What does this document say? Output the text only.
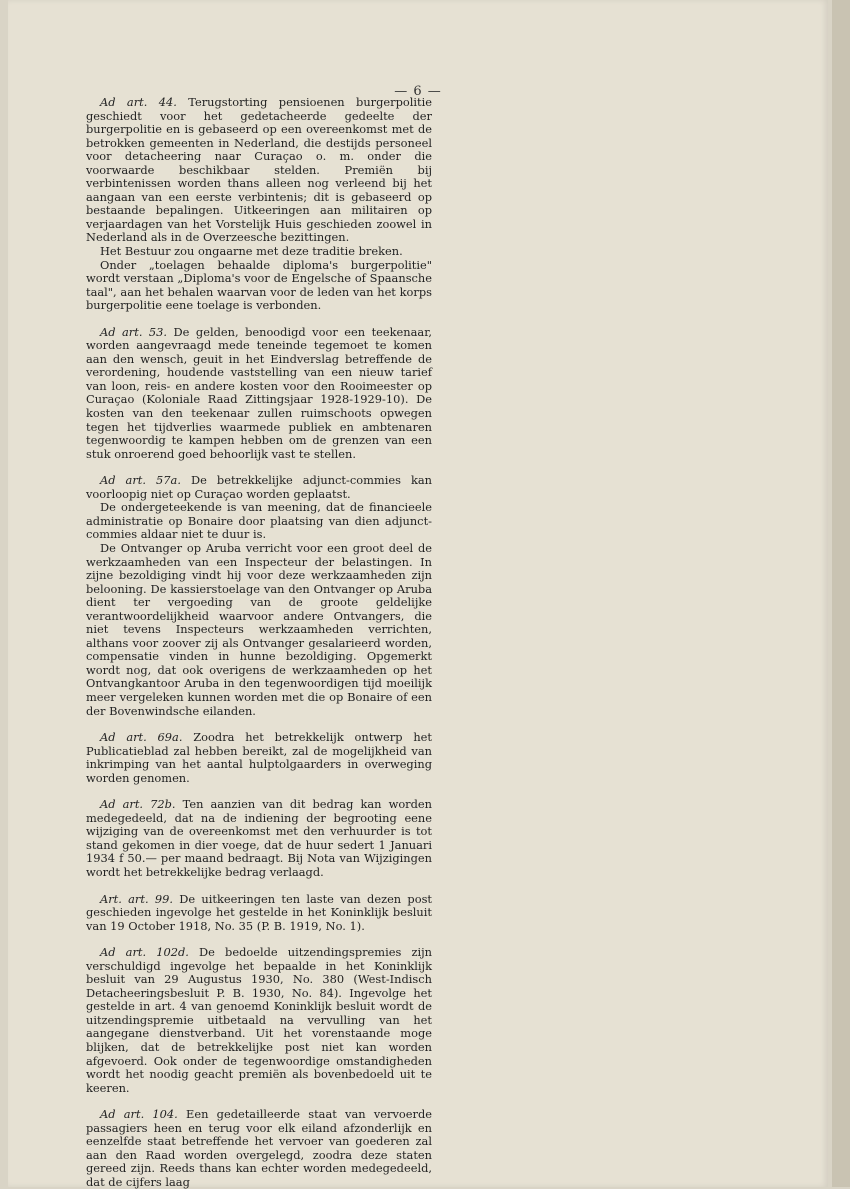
— 6 —

Ad art. 44. Terugstorting pensioenen burgerpolitie geschiedt voor het gedetacheerde gedeelte der burgerpolitie en is gebaseerd op een overeenkomst met de betrokken gemeenten in Nederland, die destijds personeel voor detacheering naar Curaçao o. m. onder die voorwaarde beschikbaar stelden. Premiën bij verbintenissen worden thans alleen nog verleend bij het aangaan van een eerste verbintenis; dit is gebaseerd op bestaande bepalingen. Uitkeeringen aan militairen op verjaardagen van het Vorstelijk Huis geschieden zoowel in Nederland als in de Overzeesche bezittingen.

Het Bestuur zou ongaarne met deze traditie breken.

Onder „toelagen behaalde diploma's burgerpolitie" wordt verstaan „Diploma's voor de Engelsche of Spaansche taal", aan het behalen waarvan voor de leden van het korps burgerpolitie eene toelage is verbonden.

Ad art. 53. De gelden, benoodigd voor een teekenaar, worden aangevraagd mede teneinde tegemoet te komen aan den wensch, geuit in het Eindverslag betreffende de verordening, houdende vaststelling van een nieuw tarief van loon, reis- en andere kosten voor den Rooimeester op Curaçao (Koloniale Raad Zittingsjaar 1928-1929-10). De kosten van den teekenaar zullen ruimschoots opwegen tegen het tijdverlies waarmede publiek en ambtenaren tegenwoordig te kampen hebben om de grenzen van een stuk onroerend goed behoorlijk vast te stellen.

Ad art. 57a. De betrekkelijke adjunct-commies kan voorloopig niet op Curaçao worden geplaatst.

De ondergeteekende is van meening, dat de financieele administratie op Bonaire door plaatsing van dien adjunct-commies aldaar niet te duur is.

De Ontvanger op Aruba verricht voor een groot deel de werkzaamheden van een Inspecteur der belastingen. In zijne bezoldiging vindt hij voor deze werkzaamheden zijn belooning. De kassierstoelage van den Ontvanger op Aruba dient ter vergoeding van de groote geldelijke verantwoordelijkheid waarvoor andere Ontvangers, die niet tevens Inspecteurs werkzaamheden verrichten, althans voor zoover zij als Ontvanger gesalarieerd worden, compensatie vinden in hunne bezoldiging. Opgemerkt wordt nog, dat ook overigens de werkzaamheden op het Ontvangkantoor Aruba in den tegenwoordigen tijd moeilijk meer vergeleken kunnen worden met die op Bonaire of een der Bovenwindsche eilanden.

Ad art. 69a. Zoodra het betrekkelijk ontwerp het Publicatieblad zal hebben bereikt, zal de mogelijkheid van inkrimping van het aantal hulptolgaarders in overweging worden genomen.

Ad art. 72b. Ten aanzien van dit bedrag kan worden medegedeeld, dat na de indiening der begrooting eene wijziging van de overeenkomst met den verhuurder is tot stand gekomen in dier voege, dat de huur sedert 1 Januari 1934 f 50.— per maand bedraagt. Bij Nota van Wijzigingen wordt het betrekkelijke bedrag verlaagd.

Art. art. 99. De uitkeeringen ten laste van dezen post geschieden ingevolge het gestelde in het Koninklijk besluit van 19 October 1918, No. 35 (P. B. 1919, No. 1).

Ad art. 102d. De bedoelde uitzendingspremies zijn verschuldigd ingevolge het bepaalde in het Koninklijk besluit van 29 Augustus 1930, No. 380 (West-Indisch Detacheeringsbesluit P. B. 1930, No. 84). Ingevolge het gestelde in art. 4 van genoemd Koninklijk besluit wordt de uitzendingspremie uitbetaald na vervulling van het aangegane dienstverband. Uit het vorenstaande moge blijken, dat de betrekkelijke post niet kan worden afgevoerd. Ook onder de tegenwoordige omstandigheden wordt het noodig geacht premiën als bovenbedoeld uit te keeren.

Ad art. 104. Een gedetailleerde staat van vervoerde passagiers heen en terug voor elk eiland afzonderlijk en eenzelfde staat betreffende het vervoer van goederen zal aan den Raad worden overgelegd, zoodra deze staten gereed zijn. Reeds thans kan echter worden medegedeeld, dat de cijfers laag
